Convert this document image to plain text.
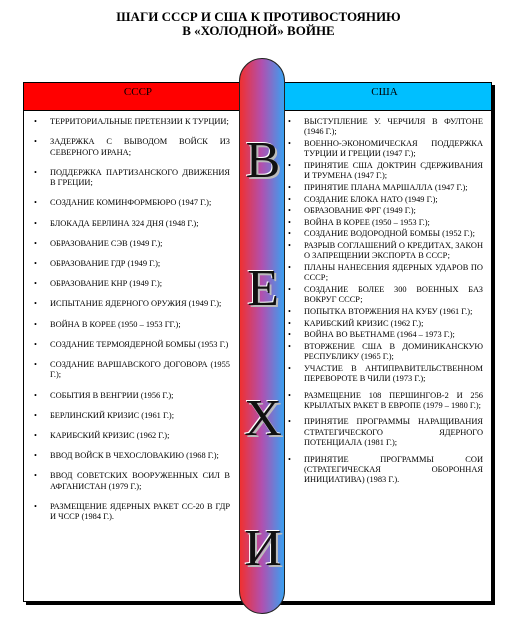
ШАГИ СССР И США К ПРОТИВОСТОЯНИЮ
В «ХОЛОДНОЙ» ВОЙНЕ
СССР
• ТЕРРИТОРИАЛЬНЫЕ ПРЕТЕНЗИИ К ТУРЦИИ;
• ЗАДЕРЖКА С ВЫВОДОМ ВОЙСК ИЗ СЕВЕРНОГО ИРАНА;
• ПОДДЕРЖКА ПАРТИЗАНСКОГО ДВИЖЕНИЯ В ГРЕЦИИ;
• СОЗДАНИЕ КОМИНФОРМБЮРО (1947 Г.);
• БЛОКАДА БЕРЛИНА 324 ДНЯ (1948 Г.);
• ОБРАЗОВАНИЕ СЭВ (1949 Г.);
• ОБРАЗОВАНИЕ ГДР (1949 Г.);
• ОБРАЗОВАНИЕ КНР (1949 Г.);
• ИСПЫТАНИЕ ЯДЕРНОГО ОРУЖИЯ (1949 Г.);
• ВОЙНА В КОРЕЕ (1950 – 1953 ГГ.);
• СОЗДАНИЕ ТЕРМОЯДЕРНОЙ БОМБЫ (1953 Г.)
• СОЗДАНИЕ ВАРШАВСКОГО ДОГОВОРА (1955 Г.);
• СОБЫТИЯ В ВЕНГРИИ (1956 Г.);
• БЕРЛИНСКИЙ КРИЗИС (1961 Г.);
• КАРИБСКИЙ КРИЗИС (1962 Г.);
• ВВОД ВОЙСК В ЧЕХОСЛОВАКИЮ (1968 Г.);
• ВВОД СОВЕТСКИХ ВООРУЖЕННЫХ СИЛ В АФГАНИСТАН (1979 Г.);
• РАЗМЕЩЕНИЕ ЯДЕРНЫХ РАКЕТ СС-20 В ГДР И ЧССР (1984 Г.).
США
• ВЫСТУПЛЕНИЕ У. ЧЕРЧИЛЯ В ФУЛТОНЕ (1946 Г.);
• ВОЕННО-ЭКОНОМИЧЕСКАЯ ПОДДЕРЖКА ТУРЦИИ И ГРЕЦИИ (1947 Г.);
• ПРИНЯТИЕ США ДОКТРИН СДЕРЖИВАНИЯ И ТРУМЕНА (1947 Г.);
• ПРИНЯТИЕ ПЛАНА МАРШАЛЛА (1947 Г.);
• СОЗДАНИЕ БЛОКА НАТО (1949 Г.);
• ОБРАЗОВАНИЕ ФРГ (1949 Г.);
• ВОЙНА В КОРЕЕ (1950 – 1953 Г.);
• СОЗДАНИЕ ВОДОРОДНОЙ БОМБЫ (1952 Г.);
• РАЗРЫВ СОГЛАШЕНИЙ О КРЕДИТАХ, ЗАКОН О ЗАПРЕЩЕНИИ ЭКСПОРТА В СССР;
• ПЛАНЫ НАНЕСЕНИЯ ЯДЕРНЫХ УДАРОВ ПО СССР;
• СОЗДАНИЕ БОЛЕЕ 300 ВОЕННЫХ БАЗ ВОКРУГ СССР;
• ПОПЫТКА ВТОРЖЕНИЯ НА КУБУ (1961 Г.);
• КАРИБСКИЙ КРИЗИС (1962 Г.);
• ВОЙНА ВО ВЬЕТНАМЕ (1964 – 1973 Г.);
• ВТОРЖЕНИЕ США В ДОМИНИКАНСКУЮ РЕСПУБЛИКУ (1965 Г.);
• УЧАСТИЕ В АНТИПРАВИТЕЛЬСТВЕННОМ ПЕРЕВОРОТЕ В ЧИЛИ (1973 Г.);
• РАЗМЕЩЕНИЕ 108 ПЕРШИНГОВ-2 И 256 КРЫЛАТЫХ РАКЕТ В ЕВРОПЕ (1979 – 1980 Г.);
• ПРИНЯТИЕ ПРОГРАММЫ НАРАЩИВАНИЯ СТРАТЕГИЧЕСКОГО ЯДЕРНОГО ПОТЕНЦИАЛА (1981 Г.);
• ПРИНЯТИЕ ПРОГРАММЫ СОИ (СТРАТЕГИЧЕСКАЯ ОБОРОННАЯ ИНИЦИАТИВА) (1983 Г.).
В
Е
Х
И
